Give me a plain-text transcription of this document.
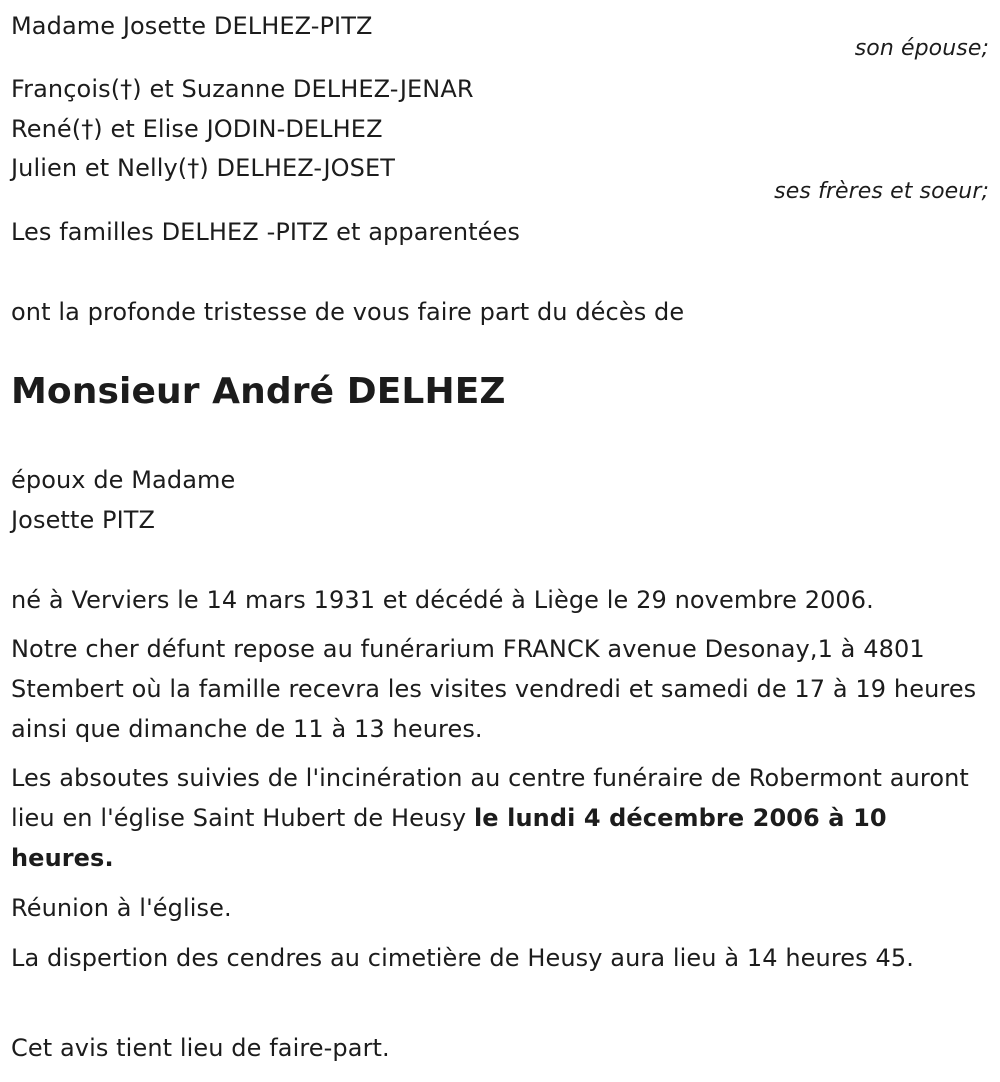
Madame Josette DELHEZ-PITZ
son épouse;
François(†) et Suzanne DELHEZ-JENAR
René(†) et Elise JODIN-DELHEZ
Julien et Nelly(†) DELHEZ-JOSET
ses frères et soeur;
Les familles DELHEZ -PITZ et apparentées
ont la profonde tristesse de vous faire part du décès de
Monsieur André DELHEZ
époux de Madame
Josette PITZ
né à Verviers le 14 mars 1931 et décédé à Liège le 29 novembre 2006.
Notre cher défunt repose au funérarium FRANCK avenue Desonay,1 à 4801 Stembert où la famille recevra les visites vendredi et samedi de 17 à 19 heures ainsi que dimanche de 11 à 13 heures.
Les absoutes suivies de l'incinération au centre funéraire de Robermont auront lieu en l'église Saint Hubert de Heusy le lundi 4 décembre 2006 à 10 heures.
Réunion à l'église.
La dispertion des cendres au cimetière de Heusy aura lieu à 14 heures 45.
Cet avis tient lieu de faire-part.
